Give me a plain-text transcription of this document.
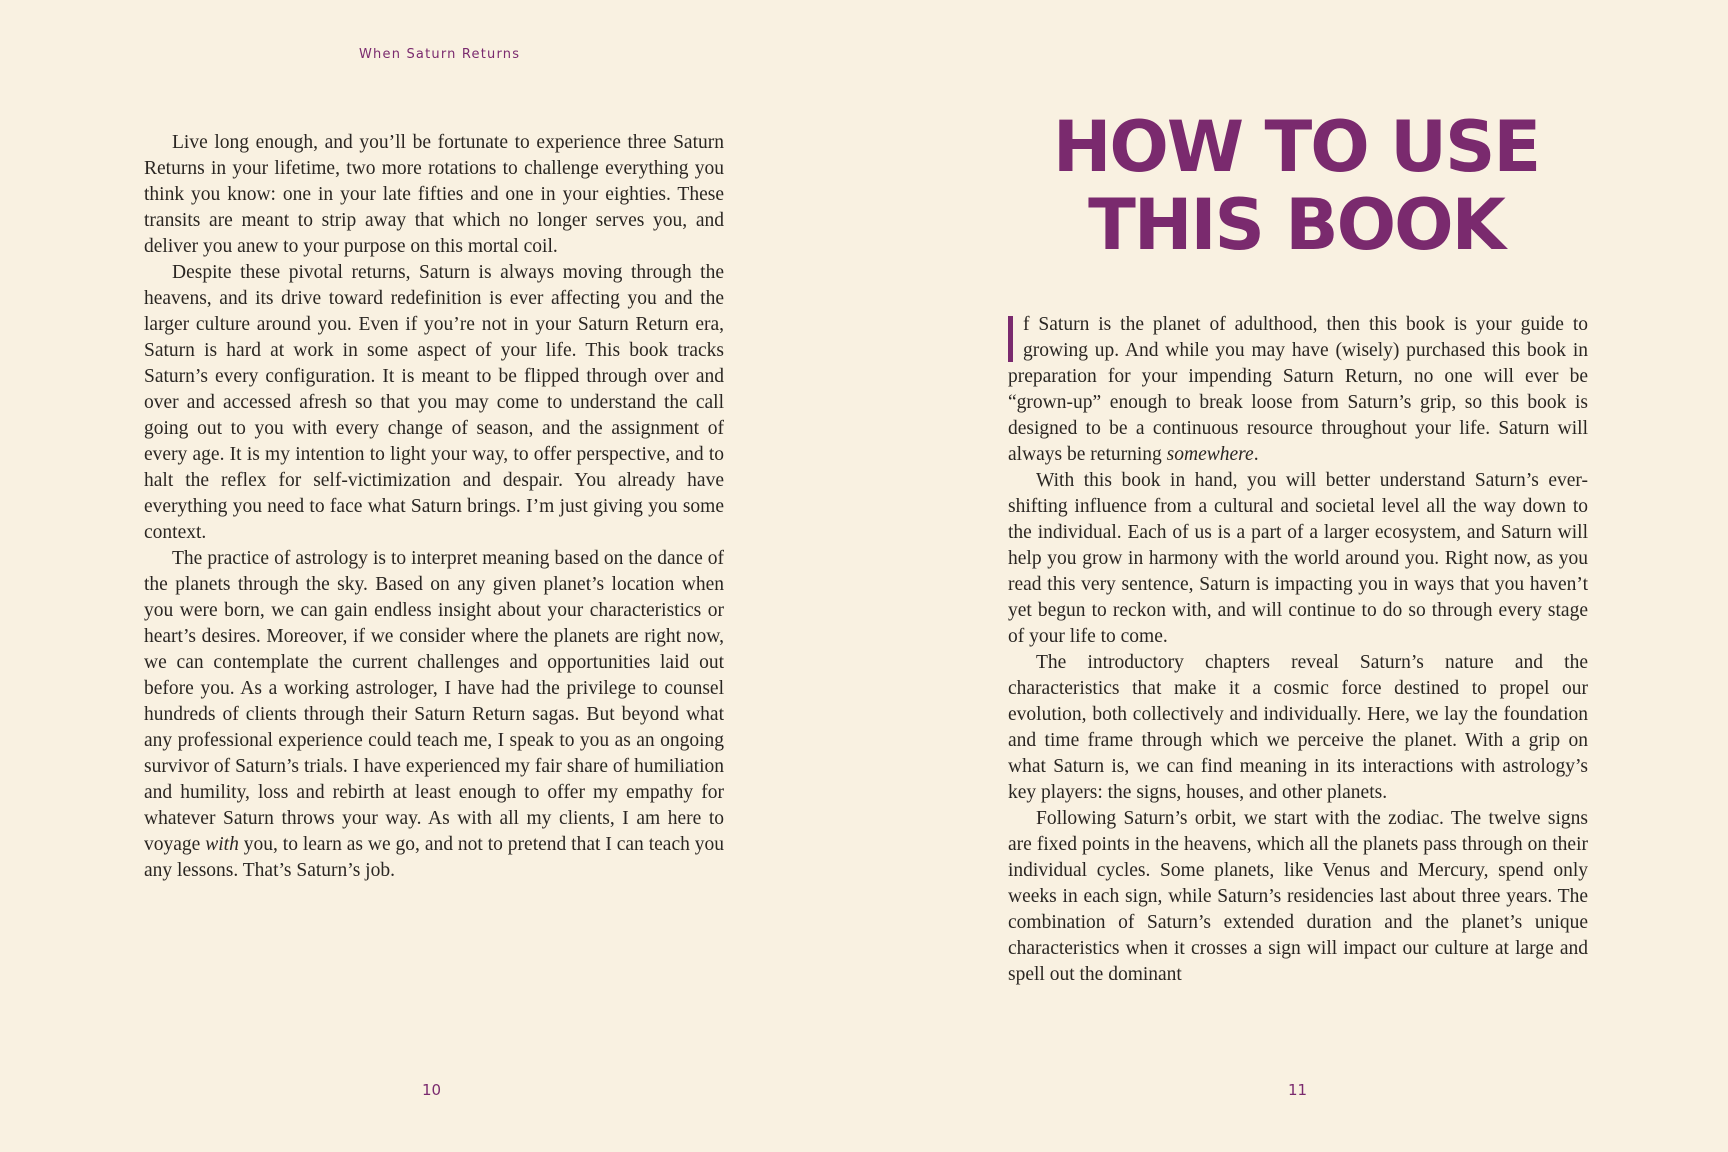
When Saturn Returns

Live long enough, and you’ll be fortunate to experience three Saturn Returns in your lifetime, two more rotations to challenge everything you think you know: one in your late fifties and one in your eighties. These transits are meant to strip away that which no longer serves you, and deliver you anew to your purpose on this mortal coil.

Despite these pivotal returns, Saturn is always moving through the heavens, and its drive toward redefinition is ever affecting you and the larger culture around you. Even if you’re not in your Saturn Return era, Saturn is hard at work in some aspect of your life. This book tracks Saturn’s every configuration. It is meant to be flipped through over and over and accessed afresh so that you may come to understand the call going out to you with every change of season, and the assignment of every age. It is my intention to light your way, to offer perspective, and to halt the reflex for self-victimization and despair. You already have everything you need to face what Saturn brings. I’m just giving you some context.

The practice of astrology is to interpret meaning based on the dance of the planets through the sky. Based on any given planet’s location when you were born, we can gain endless insight about your characteristics or heart’s desires. Moreover, if we consider where the planets are right now, we can contemplate the current challenges and opportunities laid out before you. As a working astrologer, I have had the privilege to counsel hundreds of clients through their Saturn Return sagas. But beyond what any professional experience could teach me, I speak to you as an ongoing survivor of Saturn’s trials. I have experienced my fair share of humiliation and humility, loss and rebirth at least enough to offer my empathy for whatever Saturn throws your way. As with all my clients, I am here to voyage with you, to learn as we go, and not to pretend that I can teach you any lessons. That’s Saturn’s job.

10
HOW TO USE
THIS BOOK

f Saturn is the planet of adulthood, then this book is your guide to growing up. And while you may have (wisely) purchased this book in preparation for your impending Saturn Return, no one will ever be “grown-up” enough to break loose from Saturn’s grip, so this book is designed to be a continuous resource throughout your life. Saturn will always be returning somewhere.

With this book in hand, you will better understand Saturn’s ever-shifting influence from a cultural and societal level all the way down to the individual. Each of us is a part of a larger ecosystem, and Saturn will help you grow in harmony with the world around you. Right now, as you read this very sentence, Saturn is impacting you in ways that you haven’t yet begun to reckon with, and will continue to do so through every stage of your life to come.

The introductory chapters reveal Saturn’s nature and the characteristics that make it a cosmic force destined to propel our evolution, both collectively and individually. Here, we lay the foundation and time frame through which we perceive the planet. With a grip on what Saturn is, we can find meaning in its interactions with astrology’s key players: the signs, houses, and other planets.

Following Saturn’s orbit, we start with the zodiac. The twelve signs are fixed points in the heavens, which all the planets pass through on their individual cycles. Some planets, like Venus and Mercury, spend only weeks in each sign, while Saturn’s residencies last about three years. The combination of Saturn’s extended duration and the planet’s unique characteristics when it crosses a sign will impact our culture at large and spell out the dominant

11
